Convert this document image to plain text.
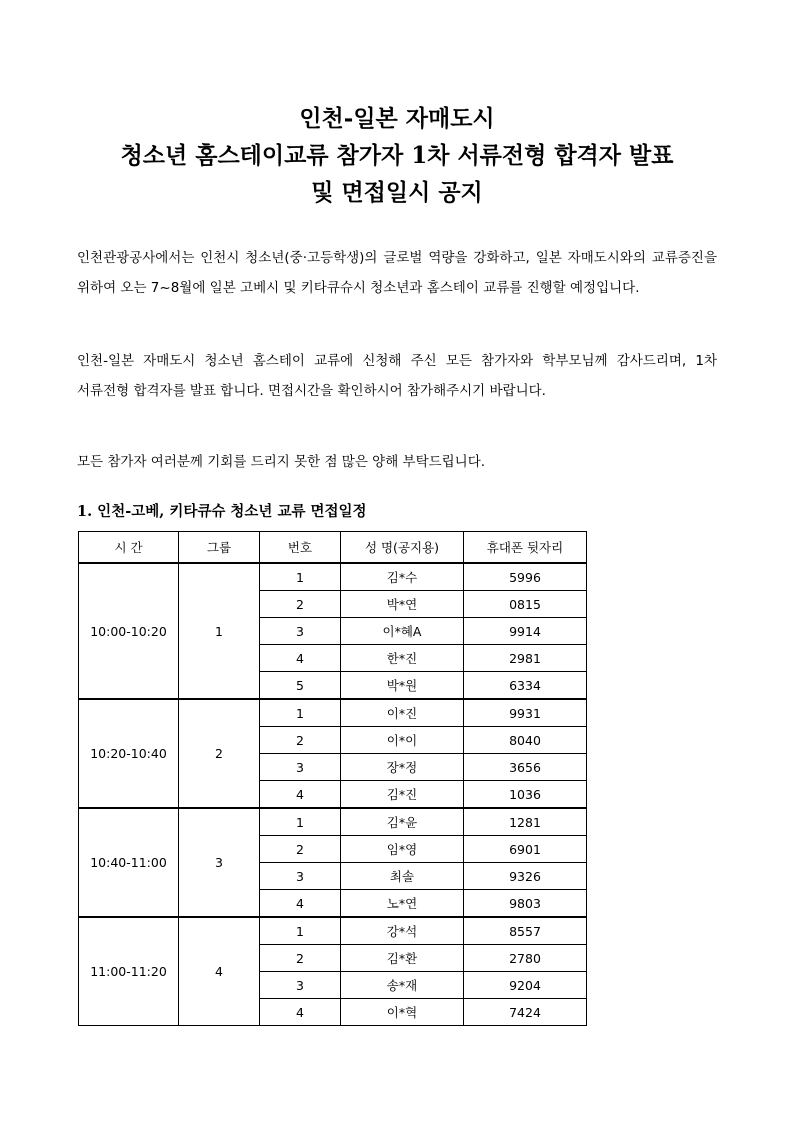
인천-일본 자매도시
청소년 홈스테이교류 참가자 1차 서류전형 합격자 발표
및 면접일시 공지

인천관광공사에서는 인천시 청소년(중·고등학생)의 글로벌 역량을 강화하고, 일본 자매도시와의 교류증진을 위하여 오는 7~8월에 일본 고베시 및 키타큐슈시 청소년과 홈스테이 교류를 진행할 예정입니다.

인천-일본 자매도시 청소년 홈스테이 교류에 신청해 주신 모든 참가자와 학부모님께 감사드리며, 1차 서류전형 합격자를 발표 합니다. 면접시간을 확인하시어 참가해주시기 바랍니다.

모든 참가자 여러분께 기회를 드리지 못한 점 많은 양해 부탁드립니다.

1. 인천-고베, 키타큐슈 청소년 교류 면접일정
시 간	그룹	번호	성 명(공지용)	휴대폰 뒷자리
10:00-10:20	1	1	김*수	5996
		2	박*연	0815
		3	이*혜A	9914
		4	한*진	2981
		5	박*원	6334
10:20-10:40	2	1	이*진	9931
		2	이*이	8040
		3	장*정	3656
		4	김*진	1036
10:40-11:00	3	1	김*윤	1281
		2	임*영	6901
		3	최솔	9326
		4	노*연	9803
11:00-11:20	4	1	강*석	8557
		2	김*환	2780
		3	송*재	9204
		4	이*혁	7424
